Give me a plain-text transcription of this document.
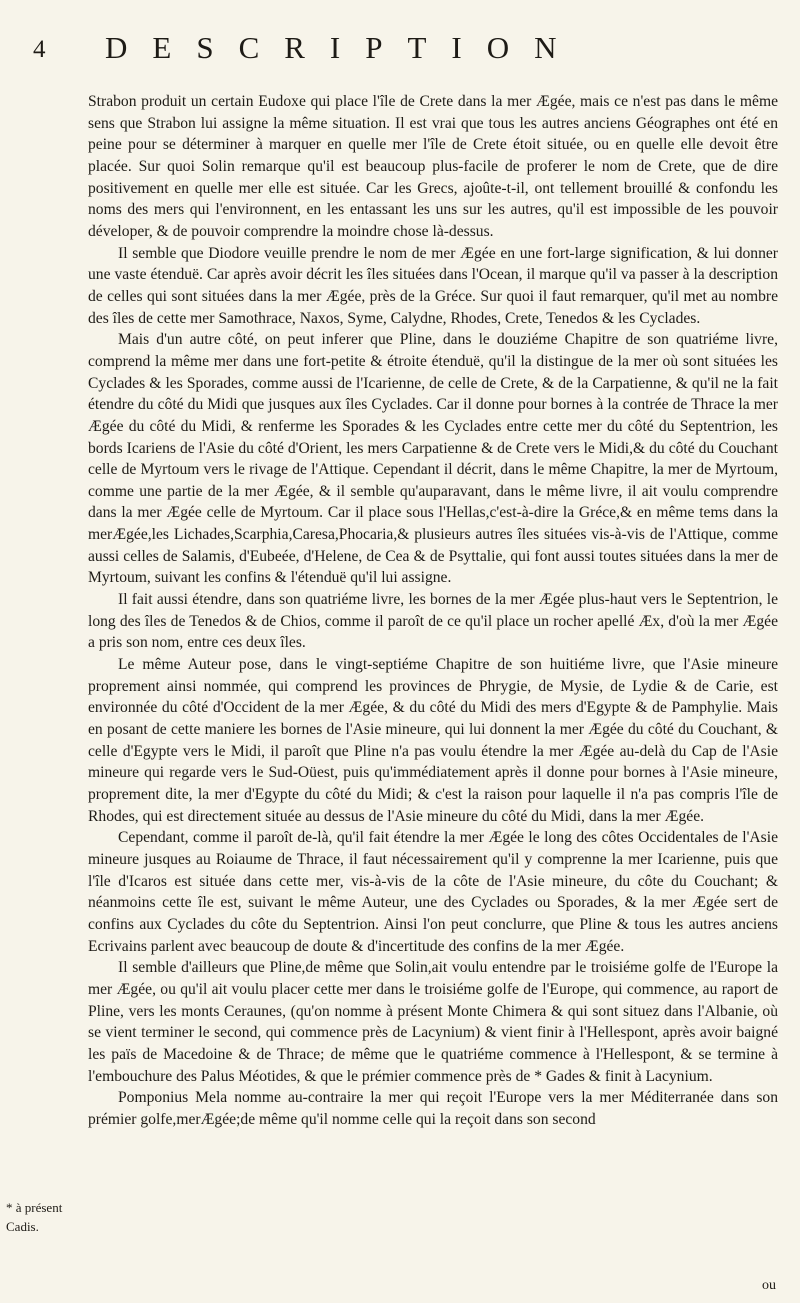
4 DESCRIPTION

Strabon produit un certain Eudoxe qui place l'île de Crete dans la mer Ægée, mais ce n'est pas dans le même sens que Strabon lui assigne la même situation. Il est vrai que tous les autres anciens Géographes ont été en peine pour se déterminer à marquer en quelle mer l'île de Crete étoit située, ou en quelle elle devoit être placée. Sur quoi Solin remarque qu'il est beaucoup plus-facile de proferer le nom de Crete, que de dire positivement en quelle mer elle est située. Car les Grecs, ajoûte-t-il, ont tellement brouillé & confondu les noms des mers qui l'environnent, en les entassant les uns sur les autres, qu'il est impossible de les pouvoir déveloper, & de pouvoir comprendre la moindre chose là-dessus.

Il semble que Diodore veuille prendre le nom de mer Ægée en une fort-large signification, & lui donner une vaste étenduë. Car après avoir décrit les îles situées dans l'Ocean, il marque qu'il va passer à la description de celles qui sont situées dans la mer Ægée, près de la Gréce. Sur quoi il faut remarquer, qu'il met au nombre des îles de cette mer Samothrace, Naxos, Syme, Calydne, Rhodes, Crete, Tenedos & les Cyclades.

Mais d'un autre côté, on peut inferer que Pline, dans le douziéme Chapitre de son quatriéme livre, comprend la même mer dans une fort-petite & étroite étenduë, qu'il la distingue de la mer où sont situées les Cyclades & les Sporades, comme aussi de l'Icarienne, de celle de Crete, & de la Carpatienne, & qu'il ne la fait étendre du côté du Midi que jusques aux îles Cyclades. Car il donne pour bornes à la contrée de Thrace la mer Ægée du côté du Midi, & renferme les Sporades & les Cyclades entre cette mer du côté du Septentrion, les bords Icariens de l'Asie du côté d'Orient, les mers Carpatienne & de Crete vers le Midi,& du côté du Couchant celle de Myrtoum vers le rivage de l'Attique. Cependant il décrit, dans le même Chapitre, la mer de Myrtoum, comme une partie de la mer Ægée, & il semble qu'auparavant, dans le même livre, il ait voulu comprendre dans la mer Ægée celle de Myrtoum. Car il place sous l'Hellas,c'est-à-dire la Gréce,& en même tems dans la merÆgée,les Lichades,Scarphia,Caresa,Phocaria,& plusieurs autres îles situées vis-à-vis de l'Attique, comme aussi celles de Salamis, d'Eubeée, d'Helene, de Cea & de Psyttalie, qui font aussi toutes situées dans la mer de Myrtoum, suivant les confins & l'étenduë qu'il lui assigne.

Il fait aussi étendre, dans son quatriéme livre, les bornes de la mer Ægée plus-haut vers le Septentrion, le long des îles de Tenedos & de Chios, comme il paroît de ce qu'il place un rocher apellé Æx, d'où la mer Ægée a pris son nom, entre ces deux îles.

Le même Auteur pose, dans le vingt-septiéme Chapitre de son huitiéme livre, que l'Asie mineure proprement ainsi nommée, qui comprend les provinces de Phrygie, de Mysie, de Lydie & de Carie, est environnée du côté d'Occident de la mer Ægée, & du côté du Midi des mers d'Egypte & de Pamphylie. Mais en posant de cette maniere les bornes de l'Asie mineure, qui lui donnent la mer Ægée du côté du Couchant, & celle d'Egypte vers le Midi, il paroît que Pline n'a pas voulu étendre la mer Ægée au-delà du Cap de l'Asie mineure qui regarde vers le Sud-Oüest, puis qu'immédiatement après il donne pour bornes à l'Asie mineure, proprement dite, la mer d'Egypte du côté du Midi; & c'est la raison pour laquelle il n'a pas compris l'île de Rhodes, qui est directement située au dessus de l'Asie mineure du côté du Midi, dans la mer Ægée.

Cependant, comme il paroît de-là, qu'il fait étendre la mer Ægée le long des côtes Occidentales de l'Asie mineure jusques au Roiaume de Thrace, il faut nécessairement qu'il y comprenne la mer Icarienne, puis que l'île d'Icaros est située dans cette mer, vis-à-vis de la côte de l'Asie mineure, du côte du Couchant; & néanmoins cette île est, suivant le même Auteur, une des Cyclades ou Sporades, & la mer Ægée sert de confins aux Cyclades du côte du Septentrion. Ainsi l'on peut conclurre, que Pline & tous les autres anciens Ecrivains parlent avec beaucoup de doute & d'incertitude des confins de la mer Ægée.

Il semble d'ailleurs que Pline,de même que Solin,ait voulu entendre par le troisiéme golfe de l'Europe la mer Ægée, ou qu'il ait voulu placer cette mer dans le troisiéme golfe de l'Europe, qui commence, au raport de Pline, vers les monts Ceraunes, (qu'on nomme à présent Monte Chimera & qui sont situez dans l'Albanie, où se vient terminer le second, qui commence près de Lacynium) & vient finir à l'Hellespont, après avoir baigné les païs de Macedoine & de Thrace; de même que le quatriéme commence à l'Hellespont, & se termine à l'embouchure des Palus Méotides, & que le prémier commence près de * Gades & finit à Lacynium.

Pomponius Mela nomme au-contraire la mer qui reçoit l'Europe vers la mer Méditerranée dans son prémier golfe,merÆgée;de même qu'il nomme celle qui la reçoit dans son second

* à présent
Cadis.
ou
